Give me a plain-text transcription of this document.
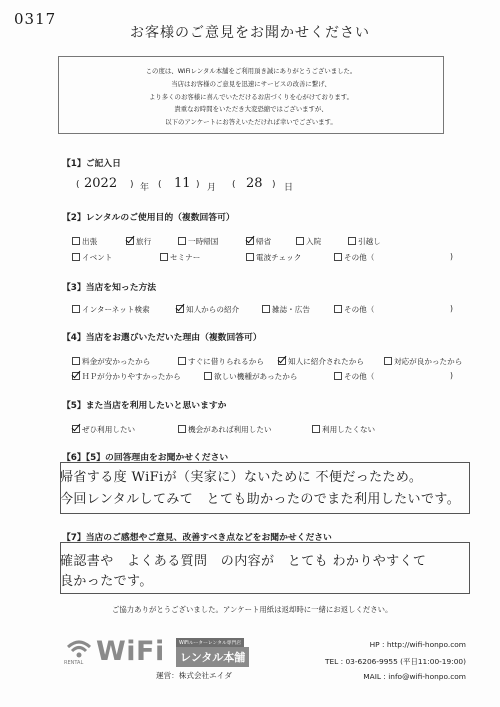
0317
お客様のご意見をお聞かせください
この度は、WiFiレンタル本舗をご利用頂き誠にありがとうございました。
当店はお客様のご意見を迅速にサービスの改善に繋げ、
より多くのお客様に喜んでいただけるお店づくりを心がけております。
貴重なお時間をいただき大変恐縮ではございますが、
以下のアンケートにお答えいただければ幸いでございます。
【1】ご記入日
( 2022 ) 年 ( 11 ) 月 ( 28 ) 日
【2】レンタルのご使用目的（複数回答可）
出張	旅行	一時帰国	帰省	入院	引越し
イベント	セミナー	電波チェック	その他（	)
【3】当店を知った方法
インターネット検索	知人からの紹介	雑誌・広告	その他（	)
【4】当店をお選びいただいた理由（複数回答可）
料金が安かったから	すぐに借りられるから	知人に紹介されたから	対応が良かったから
ＨＰが分かりやすかったから	欲しい機種があったから	その他（	)
【5】また当店を利用したいと思いますか
ぜひ利用したい	機会があれば利用したい	利用したくない
【6】【5】の回答理由をお聞かせください
帰省する度 WiFiが（実家に）ないために 不便だったため。
今回レンタルしてみて　とても助かったのでまた利用したいです。
【7】当店のご感想やご意見、改善すべき点などをお聞かせください
確認書や　よくある質問　の内容が　とても わかりやすくて
良かったです。
ご協力ありがとうございました。アンケート用紙は返却時に一緒にお返しください。
RENTAL WiFi	WiFiルーターレンタル専門店
レンタル本舗
運営：株式会社エイダ
HP : http://wifi-honpo.com
TEL : 03-6206-9955 (平日11:00-19:00)
MAIL : info@wifi-honpo.com
